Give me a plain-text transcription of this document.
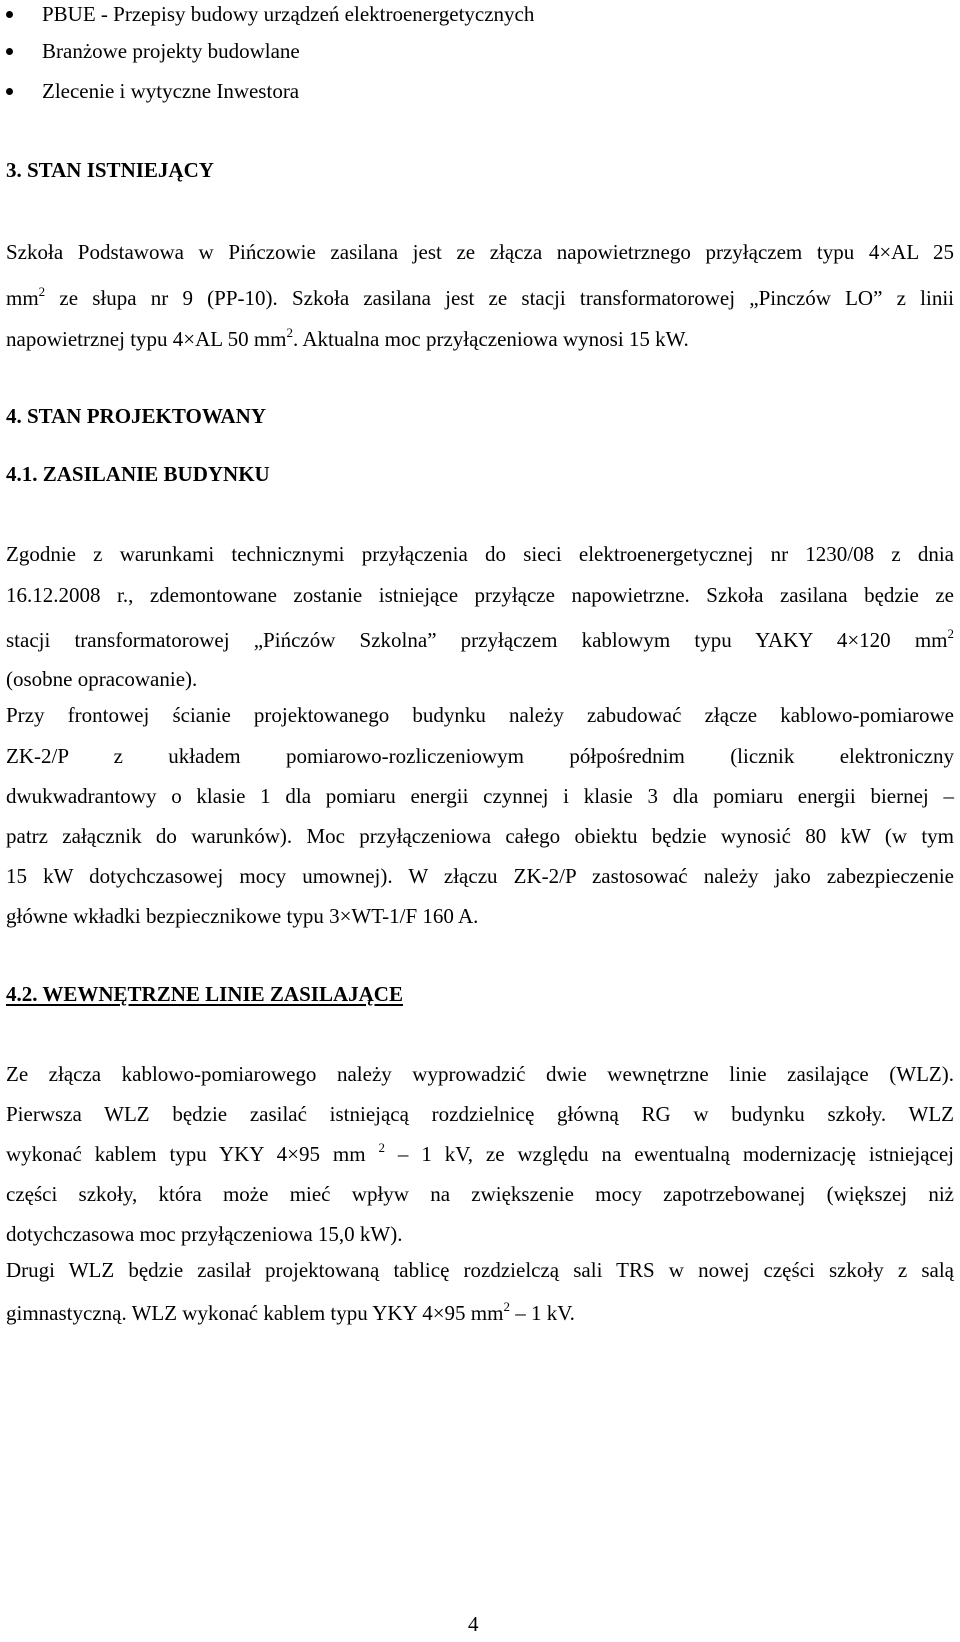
PBUE - Przepisy budowy urządzeń elektroenergetycznych
Branżowe projekty budowlane
Zlecenie i wytyczne Inwestora
3. STAN ISTNIEJĄCY
Szkoła Podstawowa w Pińczowie zasilana jest ze złącza napowietrznego przyłączem typu 4×AL 25
$mm^2$ ze słupa nr 9 (PP-10). Szkoła zasilana jest ze stacji transformatorowej „Pinczów LO” z linii
napowietrznej typu 4×AL 50 $mm^2$. Aktualna moc przyłączeniowa wynosi 15 kW.
4. STAN PROJEKTOWANY
4.1. ZASILANIE BUDYNKU
Zgodnie z warunkami technicznymi przyłączenia do sieci elektroenergetycznej nr 1230/08 z dnia
16.12.2008 r., zdemontowane zostanie istniejące przyłącze napowietrzne. Szkoła zasilana będzie ze
stacji transformatorowej „Pińczów Szkolna” przyłączem kablowym typu YAKY 4×120 $mm^2$
(osobne opracowanie).
Przy frontowej ścianie projektowanego budynku należy zabudować złącze kablowo-pomiarowe
ZK-2/P z układem pomiarowo-rozliczeniowym półpośrednim (licznik elektroniczny
dwukwadrantowy o klasie 1 dla pomiaru energii czynnej i klasie 3 dla pomiaru energii biernej –
patrz załącznik do warunków). Moc przyłączeniowa całego obiektu będzie wynosić 80 kW (w tym
15 kW dotychczasowej mocy umownej). W złączu ZK-2/P zastosować należy jako zabezpieczenie
główne wkładki bezpiecznikowe typu 3×WT-1/F 160 A.
4.2. WEWNĘTRZNE LINIE ZASILAJĄCE
Ze złącza kablowo-pomiarowego należy wyprowadzić dwie wewnętrzne linie zasilające (WLZ).
Pierwsza WLZ będzie zasilać istniejącą rozdzielnicę główną RG w budynku szkoły. WLZ
wykonać kablem typu YKY 4×95 mm $^2$ – 1 kV, ze względu na ewentualną modernizację istniejącej
części szkoły, która może mieć wpływ na zwiększenie mocy zapotrzebowanej (większej niż
dotychczasowa moc przyłączeniowa 15,0 kW).
Drugi WLZ będzie zasilał projektowaną tablicę rozdzielczą sali TRS w nowej części szkoły z salą
gimnastyczną. WLZ wykonać kablem typu YKY 4×95 $mm^2 - 1$ kV.
4
